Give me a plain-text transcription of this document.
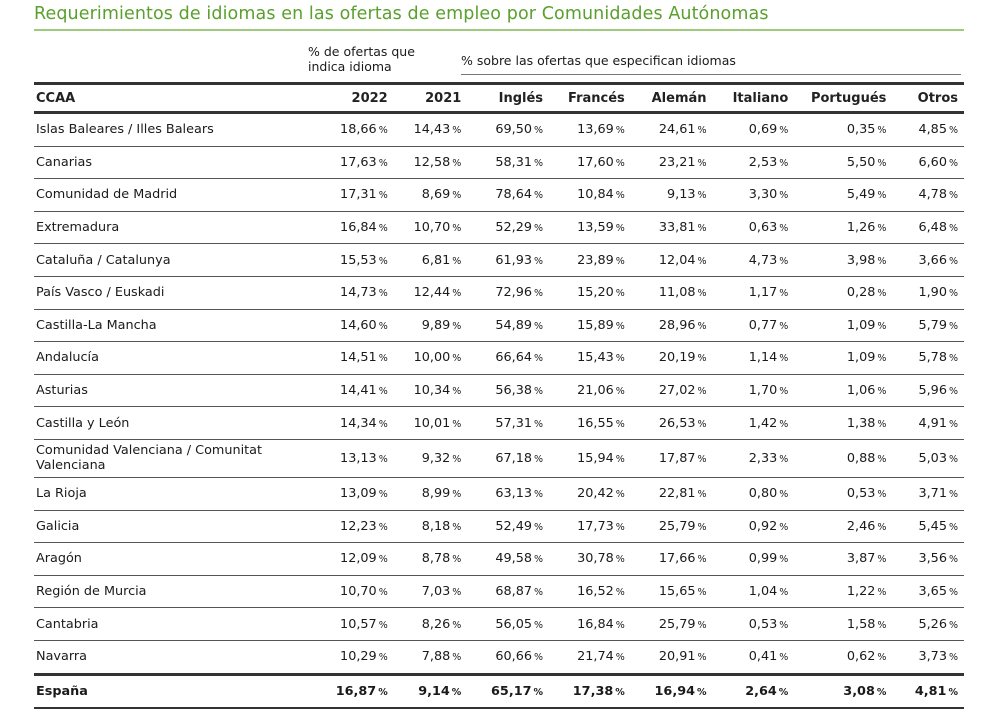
Requerimientos de idiomas en las ofertas de empleo por Comunidades Autónomas
% de ofertas que indica idioma	% sobre las ofertas que especifican idiomas
CCAA	2022	2021	Inglés	Francés	Alemán	Italiano	Portugués	Otros
Islas Baleares / Illes Balears	18,66 %	14,43 %	69,50 %	13,69 %	24,61 %	0,69 %	0,35 %	4,85 %
Canarias	17,63 %	12,58 %	58,31 %	17,60 %	23,21 %	2,53 %	5,50 %	6,60 %
Comunidad de Madrid	17,31 %	8,69 %	78,64 %	10,84 %	9,13 %	3,30 %	5,49 %	4,78 %
Extremadura	16,84 %	10,70 %	52,29 %	13,59 %	33,81 %	0,63 %	1,26 %	6,48 %
Cataluña / Catalunya	15,53 %	6,81 %	61,93 %	23,89 %	12,04 %	4,73 %	3,98 %	3,66 %
País Vasco / Euskadi	14,73 %	12,44 %	72,96 %	15,20 %	11,08 %	1,17 %	0,28 %	1,90 %
Castilla-La Mancha	14,60 %	9,89 %	54,89 %	15,89 %	28,96 %	0,77 %	1,09 %	5,79 %
Andalucía	14,51 %	10,00 %	66,64 %	15,43 %	20,19 %	1,14 %	1,09 %	5,78 %
Asturias	14,41 %	10,34 %	56,38 %	21,06 %	27,02 %	1,70 %	1,06 %	5,96 %
Castilla y León	14,34 %	10,01 %	57,31 %	16,55 %	26,53 %	1,42 %	1,38 %	4,91 %
Comunidad Valenciana / Comunitat Valenciana	13,13 %	9,32 %	67,18 %	15,94 %	17,87 %	2,33 %	0,88 %	5,03 %
La Rioja	13,09 %	8,99 %	63,13 %	20,42 %	22,81 %	0,80 %	0,53 %	3,71 %
Galicia	12,23 %	8,18 %	52,49 %	17,73 %	25,79 %	0,92 %	2,46 %	5,45 %
Aragón	12,09 %	8,78 %	49,58 %	30,78 %	17,66 %	0,99 %	3,87 %	3,56 %
Región de Murcia	10,70 %	7,03 %	68,87 %	16,52 %	15,65 %	1,04 %	1,22 %	3,65 %
Cantabria	10,57 %	8,26 %	56,05 %	16,84 %	25,79 %	0,53 %	1,58 %	5,26 %
Navarra	10,29 %	7,88 %	60,66 %	21,74 %	20,91 %	0,41 %	0,62 %	3,73 %
España	16,87 %	9,14 %	65,17 %	17,38 %	16,94 %	2,64 %	3,08 %	4,81 %
